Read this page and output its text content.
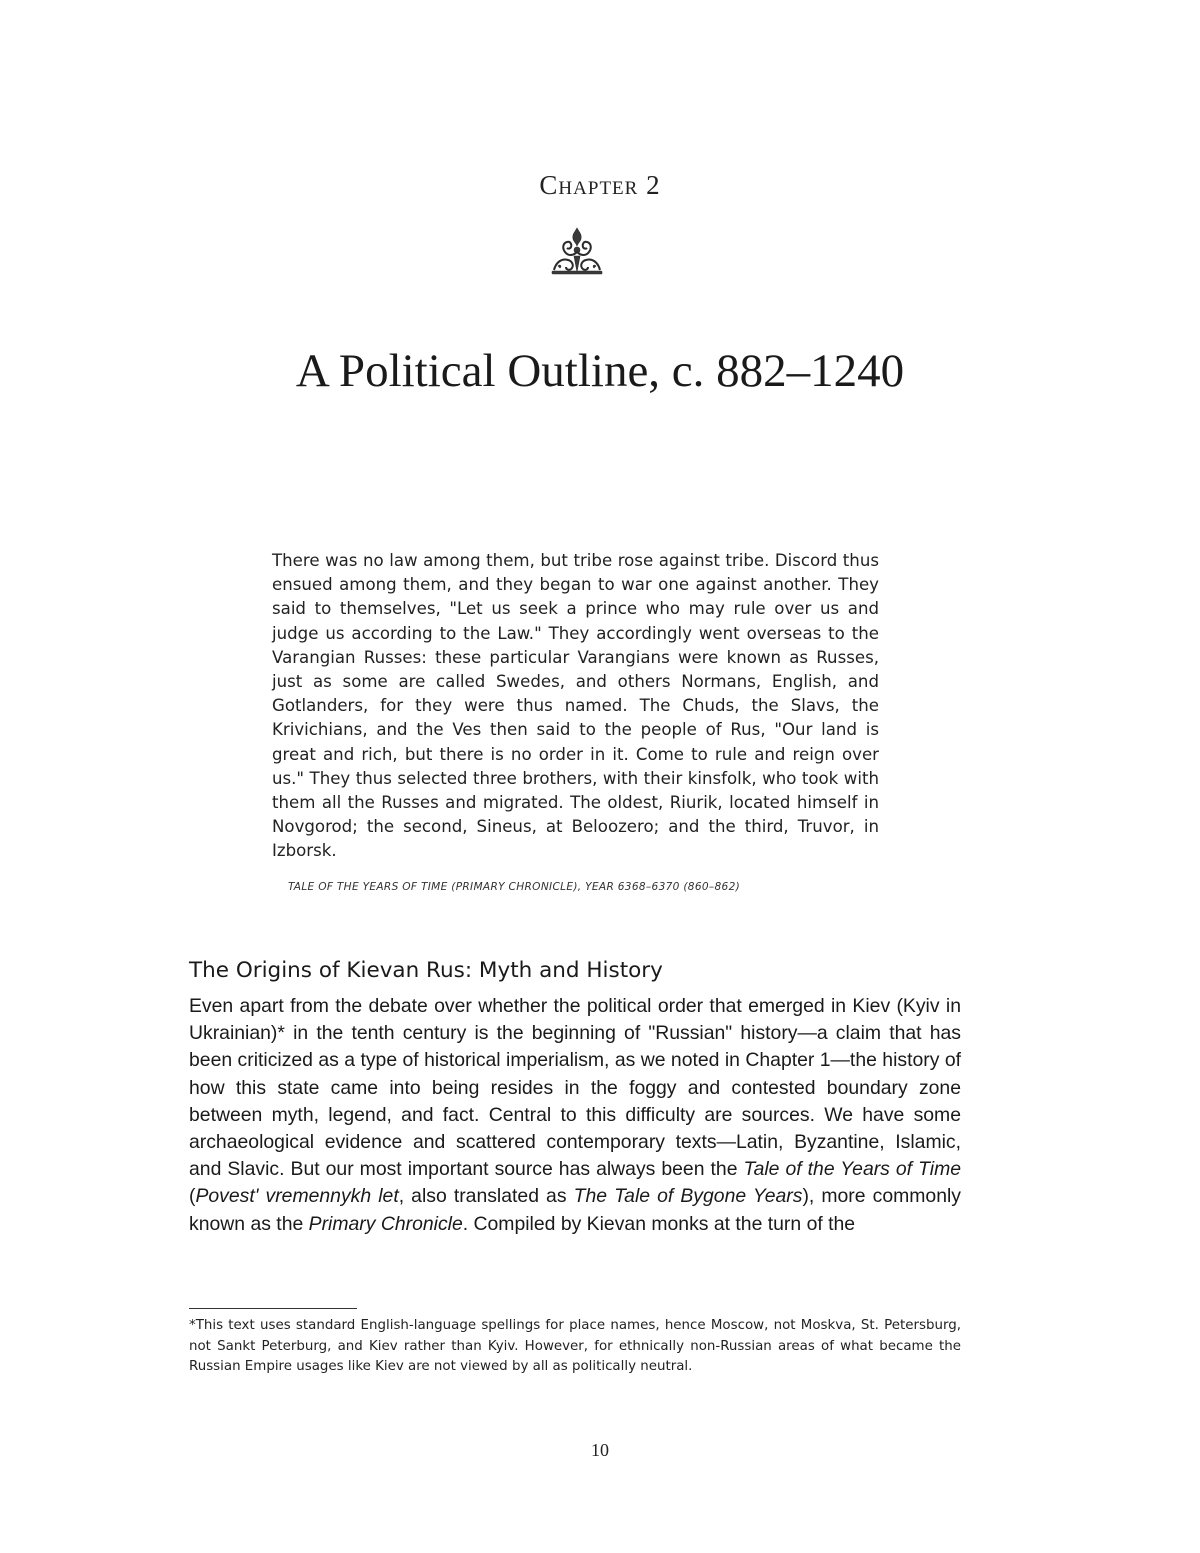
Chapter 2
A Political Outline, c. 882–1240

There was no law among them, but tribe rose against tribe. Discord thus ensued among them, and they began to war one against another. They said to themselves, "Let us seek a prince who may rule over us and judge us according to the Law." They accordingly went overseas to the Varangian Russes: these particular Varangians were known as Russes, just as some are called Swedes, and others Normans, English, and Gotlanders, for they were thus named. The Chuds, the Slavs, the Krivichians, and the Ves then said to the people of Rus, "Our land is great and rich, but there is no order in it. Come to rule and reign over us." They thus selected three brothers, with their kinsfolk, who took with them all the Russes and migrated. The oldest, Riurik, located himself in Novgorod; the second, Sineus, at Beloozero; and the third, Truvor, in Izborsk.

TALE OF THE YEARS OF TIME (PRIMARY CHRONICLE), YEAR 6368–6370 (860–862)
The Origins of Kievan Rus: Myth and History

Even apart from the debate over whether the political order that emerged in Kiev (Kyiv in Ukrainian)* in the tenth century is the beginning of "Russian" history—a claim that has been criticized as a type of historical imperialism, as we noted in Chapter 1—the history of how this state came into being resides in the foggy and contested boundary zone between myth, legend, and fact. Central to this difficulty are sources. We have some archaeological evidence and scattered contemporary texts—Latin, Byzantine, Islamic, and Slavic. But our most important source has always been the Tale of the Years of Time (Povest' vremennykh let, also translated as The Tale of Bygone Years), more commonly known as the Primary Chronicle. Compiled by Kievan monks at the turn of the

*This text uses standard English-language spellings for place names, hence Moscow, not Moskva, St. Petersburg, not Sankt Peterburg, and Kiev rather than Kyiv. However, for ethnically non-Russian areas of what became the Russian Empire usages like Kiev are not viewed by all as politically neutral.

10
